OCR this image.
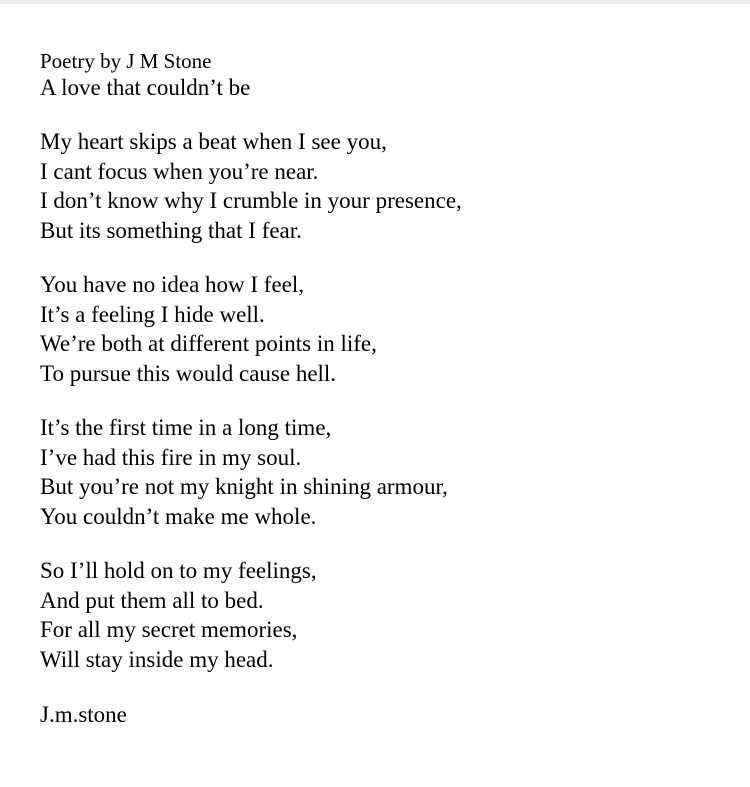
Poetry by J M Stone
A love that couldn’t be
My heart skips a beat when I see you,
I cant focus when you’re near.
I don’t know why I crumble in your presence,
But its something that I fear.
You have no idea how I feel,
It’s a feeling I hide well.
We’re both at different points in life,
To pursue this would cause hell.
It’s the first time in a long time,
I’ve had this fire in my soul.
But you’re not my knight in shining armour,
You couldn’t make me whole.
So I’ll hold on to my feelings,
And put them all to bed.
For all my secret memories,
Will stay inside my head.
J.m.stone
